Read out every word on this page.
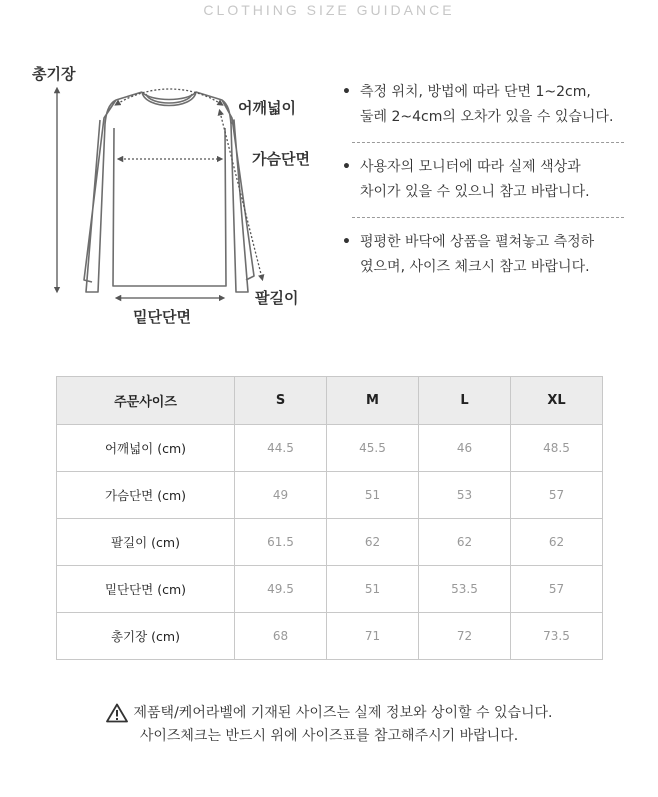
CLOTHING SIZE GUIDANCE
총기장
어깨넓이
가슴단면
팔길이
밑단단면
• 측정 위치, 방법에 따라 단면 1~2cm,
둘레 2~4cm의 오차가 있을 수 있습니다.
• 사용자의 모니터에 따라 실제 색상과
차이가 있을 수 있으니 참고 바랍니다.
• 평평한 바닥에 상품을 펼쳐놓고 측정하
였으며, 사이즈 체크시 참고 바랍니다.
주문사이즈	S	M	L	XL
어깨넓이 (cm)	44.5	45.5	46	48.5
가슴단면 (cm)	49	51	53	57
팔길이 (cm)	61.5	62	62	62
밑단단면 (cm)	49.5	51	53.5	57
총기장 (cm)	68	71	72	73.5
제품택/케어라벨에 기재된 사이즈는 실제 정보와 상이할 수 있습니다.
사이즈체크는 반드시 위에 사이즈표를 참고해주시기 바랍니다.
